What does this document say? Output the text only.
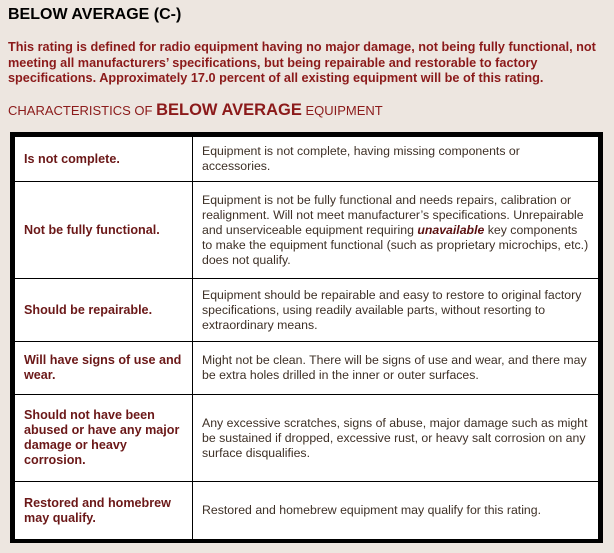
BELOW AVERAGE (C-)

This rating is defined for radio equipment having no major damage, not being fully functional, not meeting all manufacturers’ specifications, but being repairable and restorable to factory specifications. Approximately 17.0 percent of all existing equipment will be of this rating.

CHARACTERISTICS OF BELOW AVERAGE EQUIPMENT

Is not complete.	Equipment is not complete, having missing components or accessories.
Not be fully functional.	Equipment is not be fully functional and needs repairs, calibration or realignment. Will not meet manufacturer’s specifications. Unrepairable and unserviceable equipment requiring unavailable key components to make the equipment functional (such as proprietary microchips, etc.) does not qualify.
Should be repairable.	Equipment should be repairable and easy to restore to original factory specifications, using readily available parts, without resorting to extraordinary means.
Will have signs of use and wear.	Might not be clean. There will be signs of use and wear, and there may be extra holes drilled in the inner or outer surfaces.
Should not have been abused or have any major damage or heavy corrosion.	Any excessive scratches, signs of abuse, major damage such as might be sustained if dropped, excessive rust, or heavy salt corrosion on any surface disqualifies.
Restored and homebrew may qualify.	Restored and homebrew equipment may qualify for this rating.
